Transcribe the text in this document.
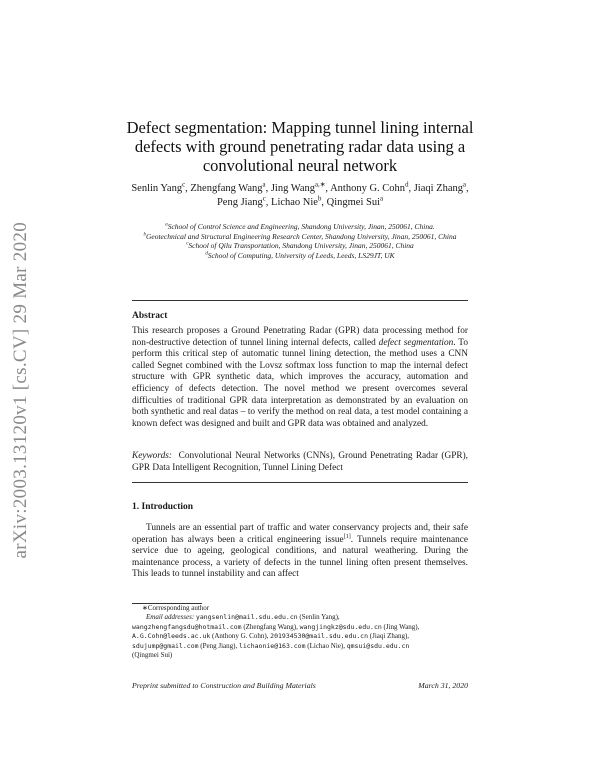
arXiv:2003.13120v1 [cs.CV] 29 Mar 2020
Defect segmentation: Mapping tunnel lining internal
defects with ground penetrating radar data using a
convolutional neural network
Senlin Yang$^c$, Zhengfang Wang$^a$, Jing Wang$^{a,∗}$, Anthony G. Cohn$^d$, Jiaqi Zhang$^a$, Peng Jiang$^c$, Lichao Nie$^b$, Qingmei Sui$^a$
$^a$School of Control Science and Engineering, Shandong University, Jinan, 250061, China.
$^b$Geotechnical and Structural Engineering Research Center, Shandong University, Jinan, 250061, China
$^c$School of Qilu Transportation, Shandong University, Jinan, 250061, China
$^d$School of Computing, University of Leeds, Leeds, LS29JT, UK
Abstract
This research proposes a Ground Penetrating Radar (GPR) data processing method for non-destructive detection of tunnel lining internal defects, called defect segmentation. To perform this critical step of automatic tunnel lining detection, the method uses a CNN called Segnet combined with the Lovsz softmax loss function to map the internal defect structure with GPR synthetic data, which improves the accuracy, automation and efficiency of defects detection. The novel method we present overcomes several difficulties of traditional GPR data interpretation as demonstrated by an evaluation on both synthetic and real datas – to verify the method on real data, a test model containing a known defect was designed and built and GPR data was obtained and analyzed.
Keywords: Convolutional Neural Networks (CNNs), Ground Penetrating Radar (GPR), GPR Data Intelligent Recognition, Tunnel Lining Defect
1. Introduction
Tunnels are an essential part of traffic and water conservancy projects and, their safe operation has always been a critical engineering issue[1]. Tunnels require maintenance service due to ageing, geological conditions, and natural weathering. During the maintenance process, a variety of defects in the tunnel lining often present themselves. This leads to tunnel instability and can affect
∗Corresponding author
Email addresses: yangsenlin@mail.sdu.edu.cn (Senlin Yang),
wangzhengfangsdu@hotmail.com (Zhengfang Wang), wangjingkz@sdu.edu.cn (Jing Wang),
A.G.Cohn@leeds.ac.uk (Anthony G. Cohn), 201934530@mail.sdu.edu.cn (Jiaqi Zhang),
sdujump@gmail.com (Peng Jiang), lichaonie@163.com (Lichao Nie), qmsui@sdu.edu.cn
(Qingmei Sui)
Preprint submitted to Construction and Building Materials	March 31, 2020
